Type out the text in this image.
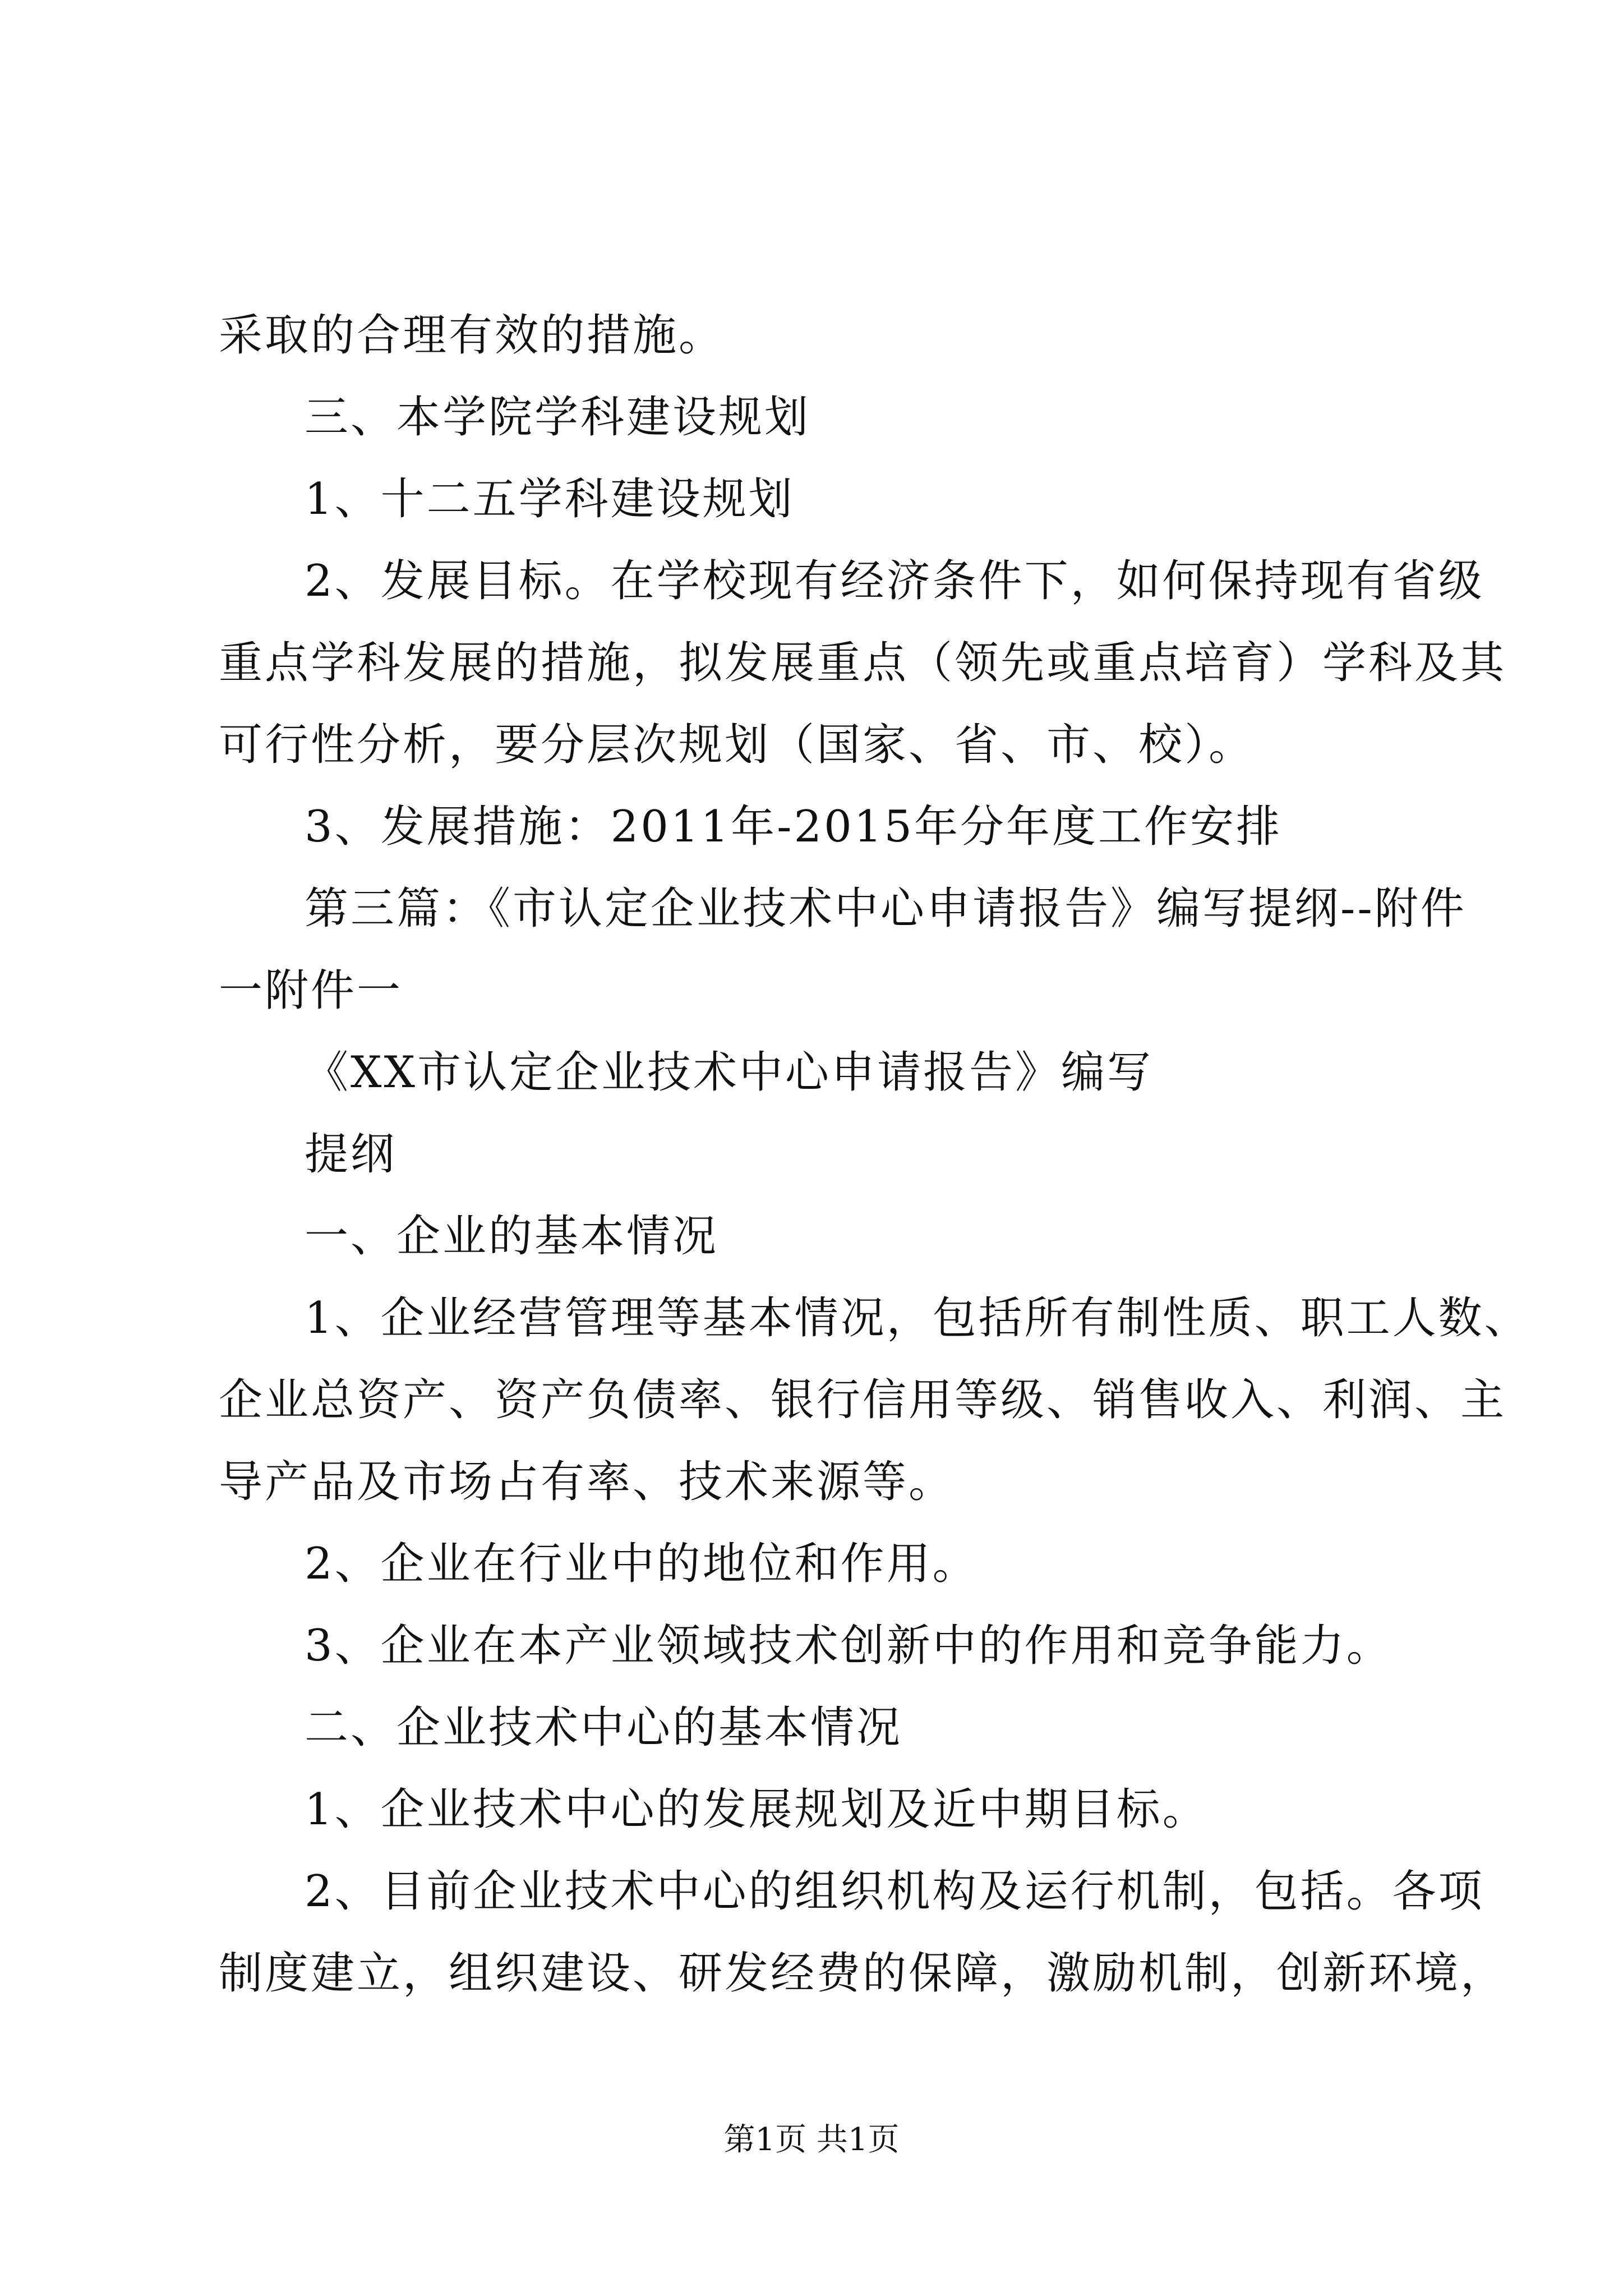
采取的合理有效的措施。
三、本学院学科建设规划
1、十二五学科建设规划
2、发展目标。在学校现有经济条件下，如何保持现有省级
重点学科发展的措施，拟发展重点（领先或重点培育）学科及其
可行性分析，要分层次规划（国家、省、市、校）。
3、发展措施：2011年-2015年分年度工作安排
第三篇：《市认定企业技术中心申请报告》编写提纲--附件
一附件一
《XX市认定企业技术中心申请报告》编写
提纲
一、企业的基本情况
1、企业经营管理等基本情况，包括所有制性质、职工人数、
企业总资产、资产负债率、银行信用等级、销售收入、利润、主
导产品及市场占有率、技术来源等。
2、企业在行业中的地位和作用。
3、企业在本产业领域技术创新中的作用和竞争能力。
二、企业技术中心的基本情况
1、企业技术中心的发展规划及近中期目标。
2、目前企业技术中心的组织机构及运行机制，包括。各项
制度建立，组织建设、研发经费的保障，激励机制，创新环境，
第1页 共1页
